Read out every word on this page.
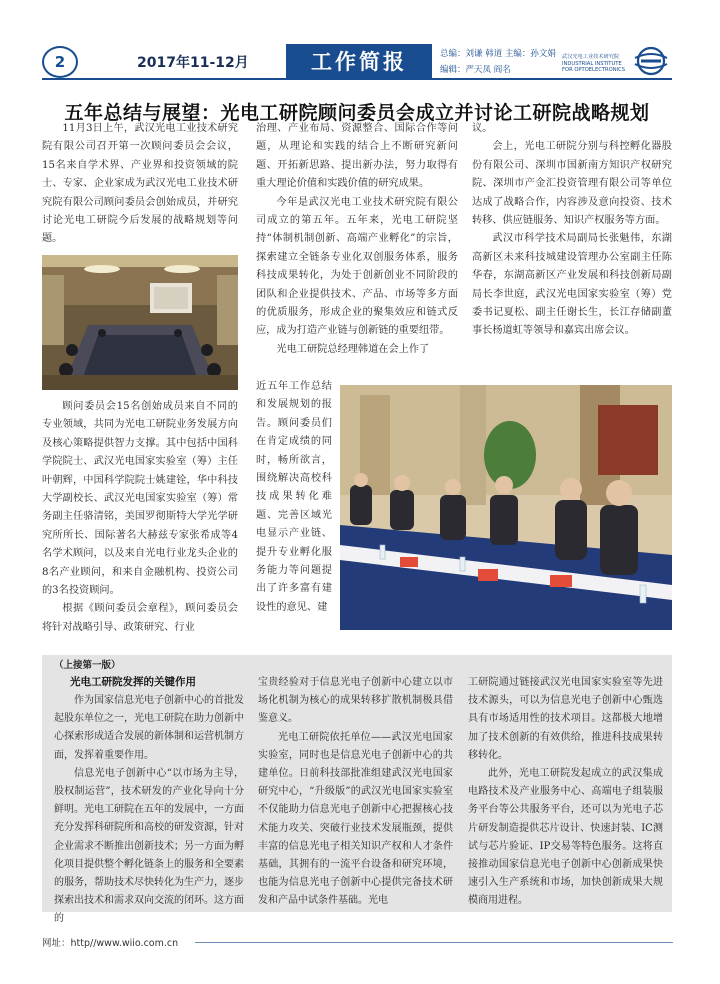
2	2017年11-12月	工作简报	总编：刘谦 韩道 主编：孙文娟
编辑：严天凤 阎名
武汉光电工业技术研究院
INDUSTRIAL INSTITUTE FOR OPTOELECTRONICS
五年总结与展望：光电工研院顾问委员会成立并讨论工研院战略规划

11月3日上午，武汉光电工业技术研究院有限公司召开第一次顾问委员会会议，15名来自学术界、产业界和投资领域的院士、专家、企业家成为武汉光电工业技术研究院有限公司顾问委员会创始成员，并研究讨论光电工研院今后发展的战略规划等问题。

顾问委员会15名创始成员来自不同的专业领域，共同为光电工研院业务发展方向及核心策略提供智力支撑。其中包括中国科学院院士、武汉光电国家实验室（筹）主任叶朝辉，中国科学院院士姚建铨，华中科技大学副校长、武汉光电国家实验室（筹）常务副主任骆清铭，美国罗彻斯特大学光学研究所所长、国际著名大赫兹专家张希成等4名学术顾问，以及来自光电行业龙头企业的8名产业顾问，和来自金融机构、投资公司的3名投资顾问。

根据《顾问委员会章程》，顾问委员会将针对战略引导、政策研究、行业

治理、产业布局、资源整合、国际合作等问题，从理论和实践的结合上不断研究新问题、开拓新思路、提出新办法，努力取得有重大理论价值和实践价值的研究成果。

今年是武汉光电工业技术研究院有限公司成立的第五年。五年来，光电工研院坚持“体制机制创新、高端产业孵化”的宗旨，探索建立全链条专业化双创服务体系，服务科技成果转化，为处于创新创业不同阶段的团队和企业提供技术、产品、市场等多方面的优质服务，形成企业的聚集效应和链式反应，成为打造产业链与创新链的重要纽带。

光电工研院总经理韩道在会上作了

近五年工作总结和发展规划的报告。顾问委员们在肯定成绩的同时，畅所欲言，围绕解决高校科技成果转化难题、完善区域光电显示产业链、提升专业孵化服务能力等问题提出了许多富有建设性的意见、建

议。

会上，光电工研院分别与科控孵化器股份有限公司、深圳市国新南方知识产权研究院、深圳市产金汇投资管理有限公司等单位达成了战略合作，内容涉及意向投资、技术转移、供应链服务、知识产权服务等方面。

武汉市科学技术局副局长张魁伟，东湖高新区未来科技城建设管理办公室副主任陈华春，东湖高新区产业发展和科技创新局副局长李世庭，武汉光电国家实验室（筹）党委书记夏松、副主任谢长生，长江存储副董事长杨道虹等领导和嘉宾出席会议。

（上接第一版）
光电工研院发挥的关键作用

作为国家信息光电子创新中心的首批发起股东单位之一，光电工研院在助力创新中心探索形成适合发展的新体制和运营机制方面，发挥着重要作用。

信息光电子创新中心“以市场为主导，股权制运营”，技术研发的产业化导向十分鲜明。光电工研院在五年的发展中，一方面充分发挥科研院所和高校的研发资源，针对企业需求不断推出创新技术；另一方面为孵化项目提供整个孵化链条上的服务和全要素的服务，帮助技术尽快转化为生产力，逐步探索出技术和需求双向交流的闭环。这方面的

宝贵经验对于信息光电子创新中心建立以市场化机制为核心的成果转移扩散机制极具借鉴意义。

光电工研院依托单位——武汉光电国家实验室，同时也是信息光电子创新中心的共建单位。日前科技部批准组建武汉光电国家研究中心，“升级版”的武汉光电国家实验室不仅能助力信息光电子创新中心把握核心技术能力攻关、突破行业技术发展瓶颈，提供丰富的信息光电子相关知识产权和人才条件基础，其拥有的一流平台设备和研究环境，也能为信息光电子创新中心提供完备技术研发和产品中试条件基础。光电

工研院通过链接武汉光电国家实验室等先进技术源头，可以为信息光电子创新中心甄选具有市场适用性的技术项目。这都极大地增加了技术创新的有效供给，推进科技成果转移转化。

此外，光电工研院发起成立的武汉集成电路技术及产业服务中心、高端电子组装服务平台等公共服务平台，还可以为光电子芯片研发制造提供芯片设计、快速封装、IC测试与芯片验证、IP交易等特色服务。这将直接推动国家信息光电子创新中心创新成果快速引入生产系统和市场，加快创新成果大规模商用进程。

网址：http//www.wiio.com.cn
